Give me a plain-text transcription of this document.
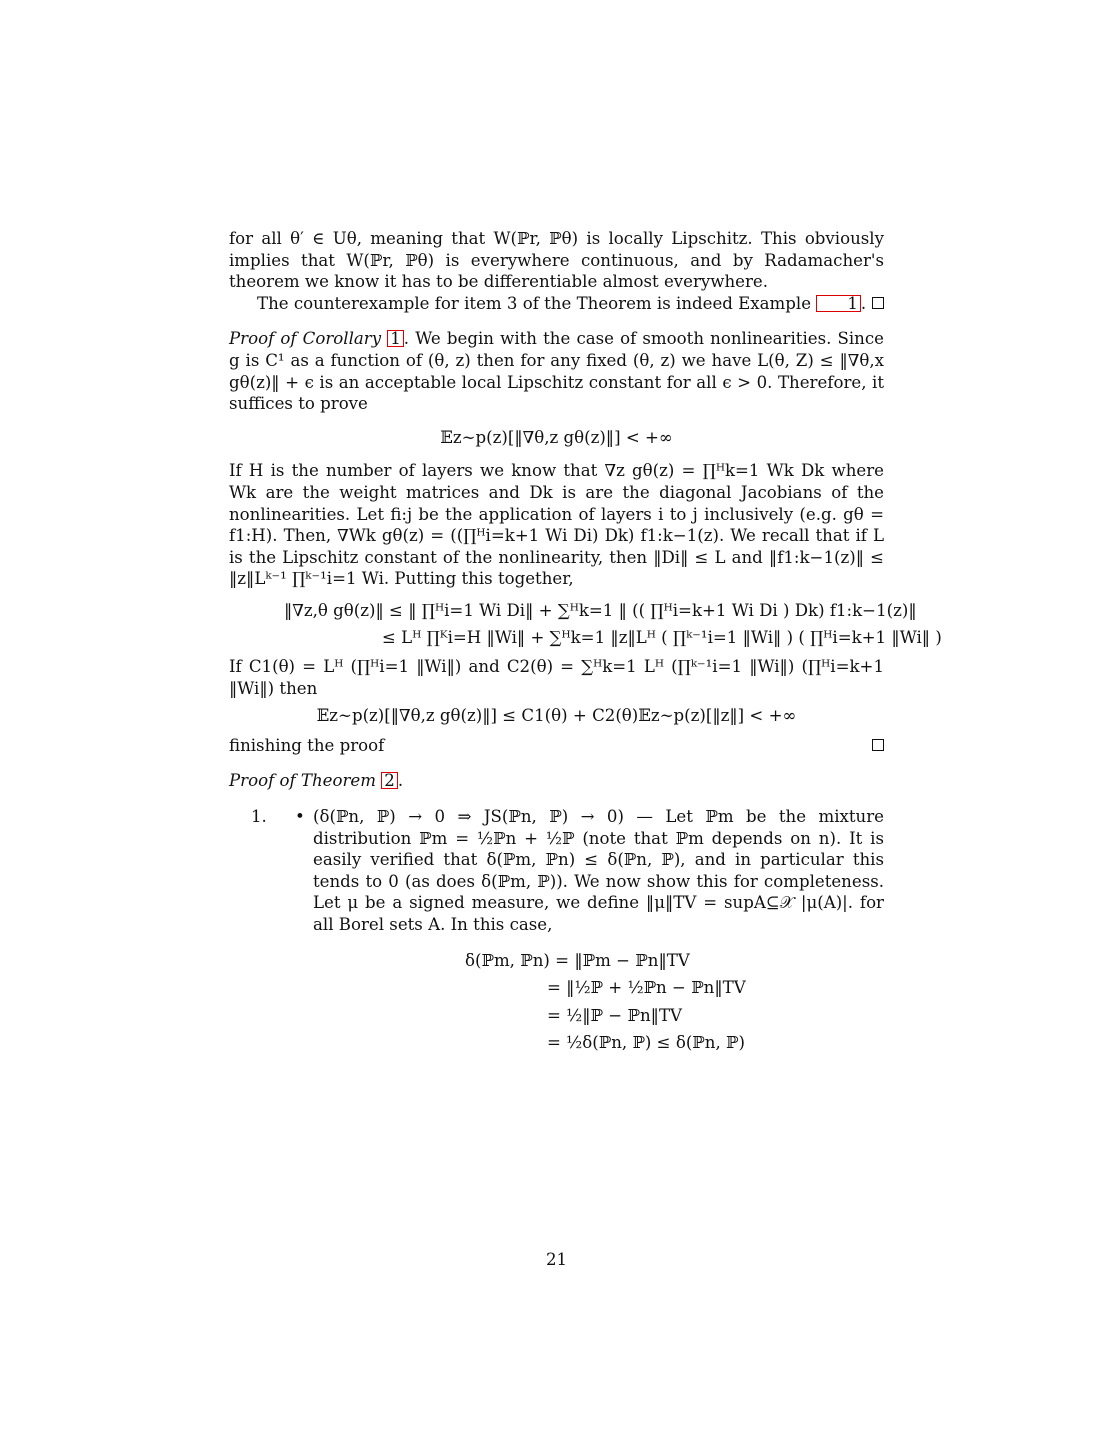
for all θ′ ∈ Uθ, meaning that W(ℙr, ℙθ) is locally Lipschitz. This obviously implies that W(ℙr, ℙθ) is everywhere continuous, and by Radamacher's theorem we know it has to be differentiable almost everywhere.

The counterexample for item 3 of the Theorem is indeed Example 1 .

Proof of Corollary 1 . We begin with the case of smooth nonlinearities. Since g is C¹ as a function of (θ, z) then for any fixed (θ, z) we have L(θ, Z) ≤ ‖∇θ,x gθ(z)‖ + ϵ is an acceptable local Lipschitz constant for all ϵ > 0. Therefore, it suffices to prove

𝔼z∼p(z)[‖∇θ,z gθ(z)‖] < +∞

If H is the number of layers we know that ∇z gθ(z) = ∏ᴴk=1 Wk Dk where Wk are the weight matrices and Dk is are the diagonal Jacobians of the nonlinearities. Let fi:j be the application of layers i to j inclusively (e.g. gθ = f1:H). Then, ∇Wk gθ(z) = ((∏ᴴi=k+1 Wi Di) Dk) f1:k−1(z). We recall that if L is the Lipschitz constant of the nonlinearity, then ‖Di‖ ≤ L and ‖f1:k−1(z)‖ ≤ ‖z‖Lᵏ⁻¹ ∏ᵏ⁻¹i=1 Wi. Putting this together,

‖∇z,θ gθ(z)‖ ≤ ‖ ∏ᴴi=1 Wi Di‖ + ∑ᴴk=1 ‖ (( ∏ᴴi=k+1 Wi Di ) Dk) f1:k−1(z)‖
≤ Lᴴ ∏ᴷi=H ‖Wi‖ + ∑ᴴk=1 ‖z‖Lᴴ ( ∏ᵏ⁻¹i=1 ‖Wi‖ ) ( ∏ᴴi=k+1 ‖Wi‖ )

If C1(θ) = Lᴴ (∏ᴴi=1 ‖Wi‖) and C2(θ) = ∑ᴴk=1 Lᴴ (∏ᵏ⁻¹i=1 ‖Wi‖) (∏ᴴi=k+1 ‖Wi‖) then

𝔼z∼p(z)[‖∇θ,z gθ(z)‖] ≤ C1(θ) + C2(θ)𝔼z∼p(z)[‖z‖] < +∞

finishing the proof

Proof of Theorem 2 .

1. • (δ(ℙn, ℙ) → 0 ⇒ JS(ℙn, ℙ) → 0) — Let ℙm be the mixture distribution ℙm = ½ℙn + ½ℙ (note that ℙm depends on n). It is easily verified that δ(ℙm, ℙn) ≤ δ(ℙn, ℙ), and in particular this tends to 0 (as does δ(ℙm, ℙ)). We now show this for completeness. Let μ be a signed measure, we define ‖μ‖TV = supA⊆𝒳 |μ(A)|. for all Borel sets A. In this case,
δ(ℙm, ℙn) = ‖ℙm − ℙn‖TV
= ‖½ℙ + ½ℙn − ℙn‖TV
= ½‖ℙ − ℙn‖TV
= ½δ(ℙn, ℙ) ≤ δ(ℙn, ℙ)
21
